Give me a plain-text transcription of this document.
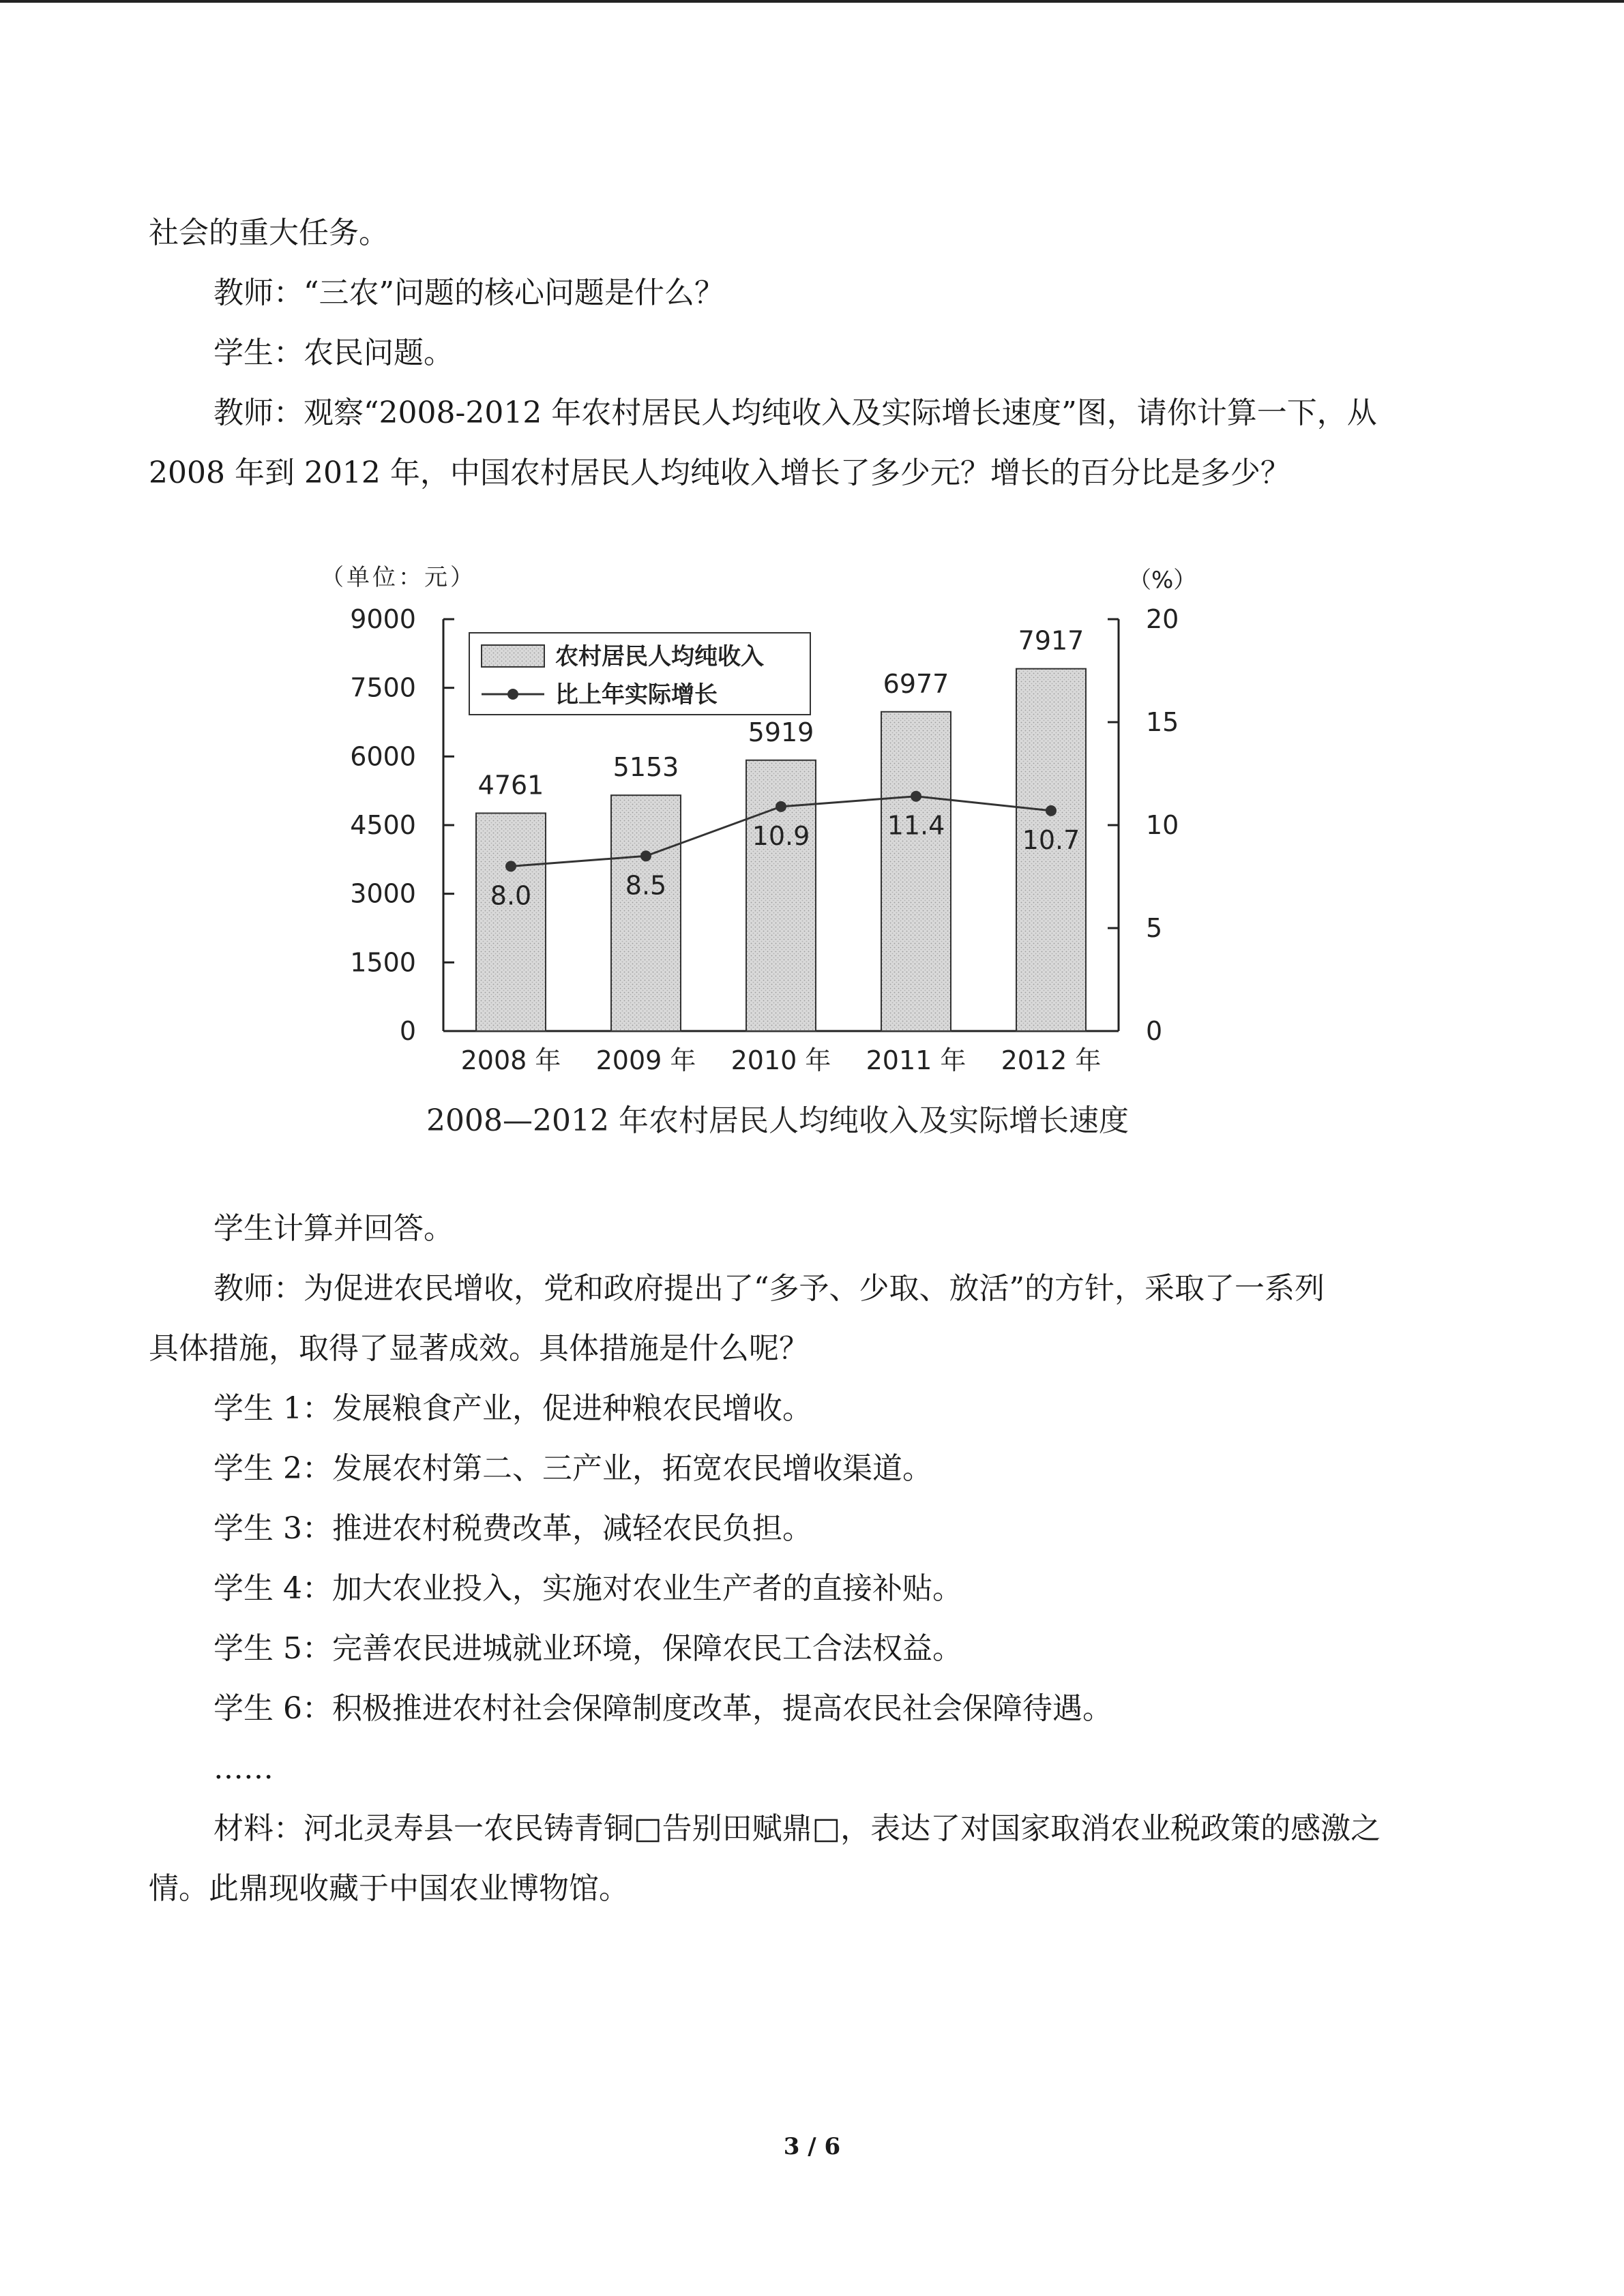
社会的重大任务。
教师：“三农”问题的核心问题是什么？
学生：农民问题。
教师：观察“2008-2012 年农村居民人均纯收入及实际增长速度”图，请你计算一下，从
2008 年到 2012 年，中国农村居民人均纯收入增长了多少元？增长的百分比是多少？
学生计算并回答。
教师：为促进农民增收，党和政府提出了“多予、少取、放活”的方针，采取了一系列
具体措施，取得了显著成效。具体措施是什么呢？
学生 1：发展粮食产业，促进种粮农民增收。
学生 2：发展农村第二、三产业，拓宽农民增收渠道。
学生 3：推进农村税费改革，减轻农民负担。
学生 4：加大农业投入，实施对农业生产者的直接补贴。
学生 5：完善农民进城就业环境，保障农民工合法权益。
学生 6：积极推进农村社会保障制度改革，提高农民社会保障待遇。
……
材料：河北灵寿县一农民铸青铜□告别田赋鼎□，表达了对国家取消农业税政策的感激之
情。此鼎现收藏于中国农业博物馆。
（单位：元）	（%）
0
1500
3000
4500
6000
7500
9000
0
5
10
15
20
4761
5153
5919
6977
7917
2008 年 2009 年 2010 年 2011 年 2012 年
8.0	8.5
10.9	11.4	10.7
农村居民人均纯收入
比上年实际增长
2008—2012 年农村居民人均纯收入及实际增长速度
3 / 6
